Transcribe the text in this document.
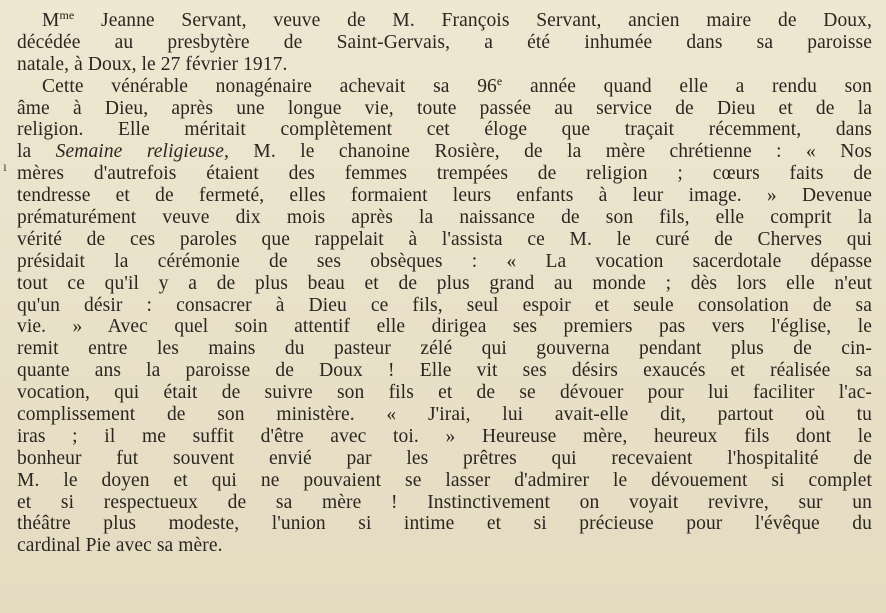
ı
$M^{me}$ Jeanne Servant, veuve de M. François Servant, ancien maire de Doux,
décédée au presbytère de Saint-Gervais, a été inhumée dans sa paroisse
natale, à Doux, le 27 février 1917.
Cette vénérable nonagénaire achevait sa 96e année quand elle a rendu son
âme à Dieu, après une longue vie, toute passée au service de Dieu et de la
religion. Elle méritait complètement cet éloge que traçait récemment, dans
la Semaine religieuse, M. le chanoine Rosière, de la mère chrétienne : « Nos
mères d'autrefois étaient des femmes trempées de religion ; cœurs faits de
tendresse et de fermeté, elles formaient leurs enfants à leur image. » Devenue
prématurément veuve dix mois après la naissance de son fils, elle comprit la
vérité de ces paroles que rappelait à l'assista ce M. le curé de Cherves qui
présidait la cérémonie de ses obsèques : « La vocation sacerdotale dépasse
tout ce qu'il y a de plus beau et de plus grand au monde ; dès lors elle n'eut
qu'un désir : consacrer à Dieu ce fils, seul espoir et seule consolation de sa
vie. » Avec quel soin attentif elle dirigea ses premiers pas vers l'église, le
remit entre les mains du pasteur zélé qui gouverna pendant plus de cin-
quante ans la paroisse de Doux ! Elle vit ses désirs exaucés et réalisée sa
vocation, qui était de suivre son fils et de se dévouer pour lui faciliter l'ac-
complissement de son ministère. « J'irai, lui avait-elle dit, partout où tu
iras ; il me suffit d'être avec toi. » Heureuse mère, heureux fils dont le
bonheur fut souvent envié par les prêtres qui recevaient l'hospitalité de
M. le doyen et qui ne pouvaient se lasser d'admirer le dévouement si complet
et si respectueux de sa mère ! Instinctivement on voyait revivre, sur un
théâtre plus modeste, l'union si intime et si précieuse pour l'évêque du
cardinal Pie avec sa mère.
